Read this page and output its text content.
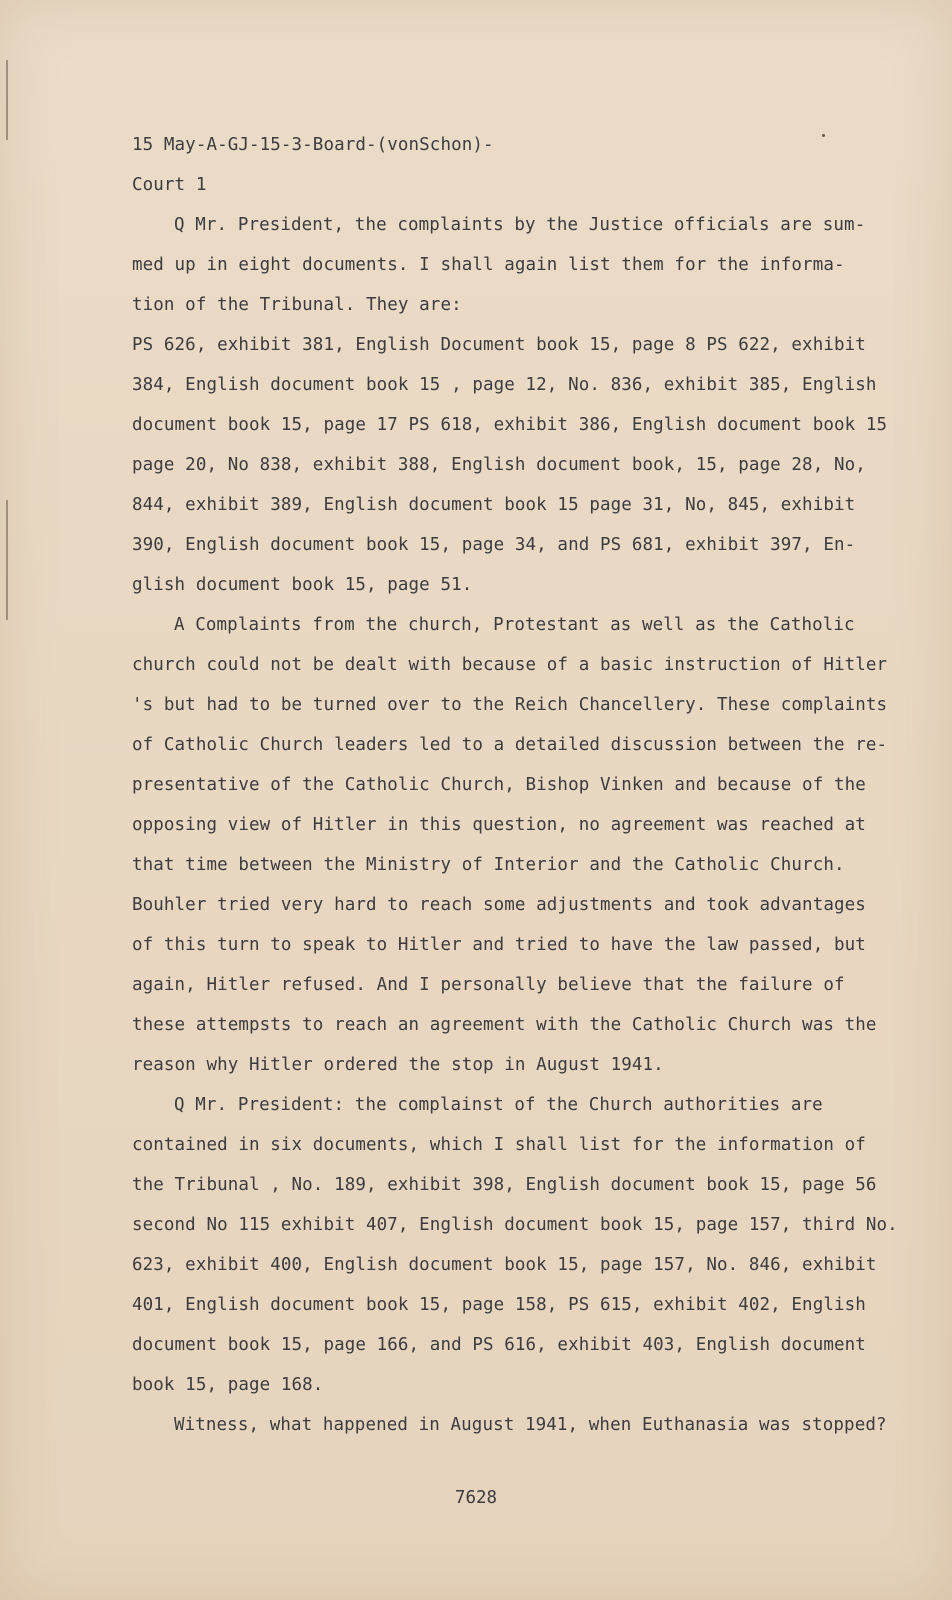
15 May-A-GJ-15-3-Board-(vonSchon)-
Court 1
Q Mr. President, the complaints by the Justice officials are sum-
med up in eight documents. I shall again list them for the informa-
tion of the Tribunal. They are:
PS 626, exhibit 381, English Document book 15, page 8 PS 622, exhibit
384, English document book 15 , page 12, No. 836, exhibit 385, English
document book 15, page 17 PS 618, exhibit 386, English document book 15
page 20, No 838, exhibit 388, English document book, 15, page 28, No,
844, exhibit 389, English document book 15 page 31, No, 845, exhibit
390, English document book 15, page 34, and PS 681, exhibit 397, En-
glish document book 15, page 51.
A Complaints from the church, Protestant as well as the Catholic
church could not be dealt with because of a basic instruction of Hitler
's but had to be turned over to the Reich Chancellery. These complaints
of Catholic Church leaders led to a detailed discussion between the re-
presentative of the Catholic Church, Bishop Vinken and because of the
opposing view of Hitler in this question, no agreement was reached at
that time between the Ministry of Interior and the Catholic Church.
Bouhler tried very hard to reach some adjustments and took advantages
of this turn to speak to Hitler and tried to have the law passed, but
again, Hitler refused. And I personally believe that the failure of
these attempsts to reach an agreement with the Catholic Church was the
reason why Hitler ordered the stop in August 1941.
Q Mr. President: the complainst of the Church authorities are
contained in six documents, which I shall list for the information of
the Tribunal , No. 189, exhibit 398, English document book 15, page 56
second No 115 exhibit 407, English document book 15, page 157, third No.
623, exhibit 400, English document book 15, page 157, No. 846, exhibit
401, English document book 15, page 158, PS 615, exhibit 402, English
document book 15, page 166, and PS 616, exhibit 403, English document
book 15, page 168.
Witness, what happened in August 1941, when Euthanasia was stopped?
7628
